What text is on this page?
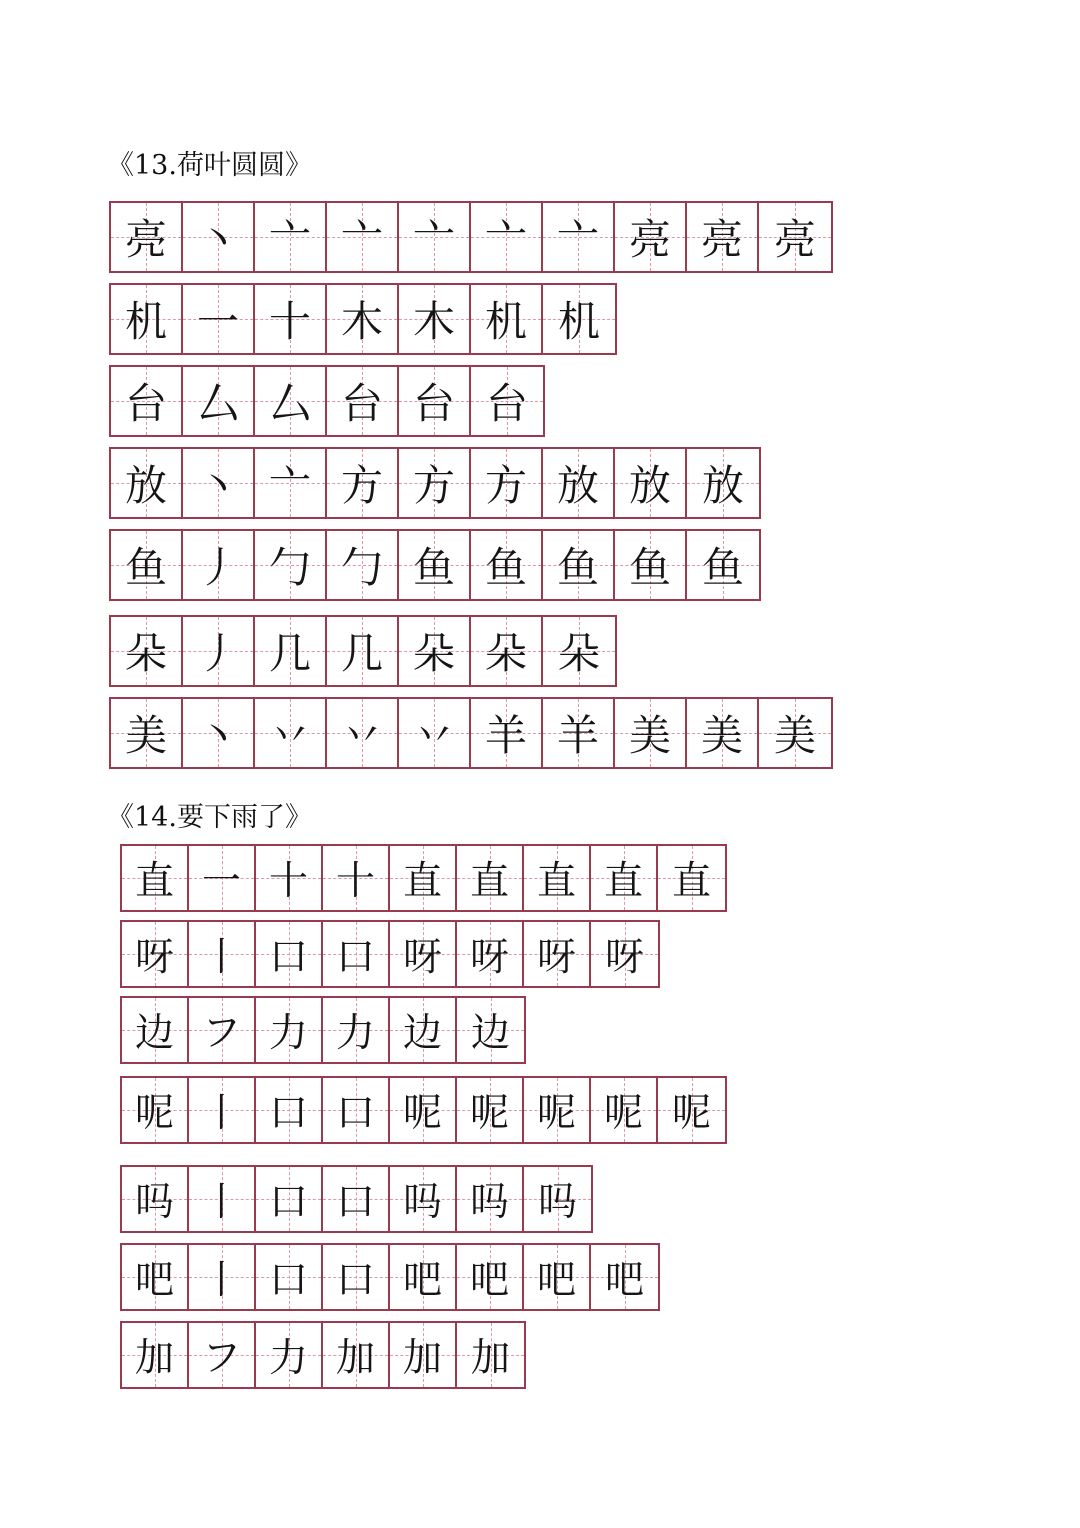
《13.荷叶圆圆》
《14.要下雨了》
亮 丶 亠 亠 亠 亠 亠 亮 亮 亮
机 一 十 木 木 机 机
台 厶 厶 台 台 台
放 丶 亠 方 方 方 放 放 放
鱼 丿 勹 勹 鱼 鱼 鱼 鱼 鱼
朵 丿 几 几 朵 朵 朵
美 丶 丷 丷 丷 羊 羊 美 美 美
直 一 十 十 直 直 直 直 直
呀 丨 口 口 呀 呀 呀 呀
边 フ 力 力 边 边
呢 丨 口 口 呢 呢 呢 呢 呢
吗 丨 口 口 吗 吗 吗
吧 丨 口 口 吧 吧 吧 吧
加 フ 力 加 加 加
